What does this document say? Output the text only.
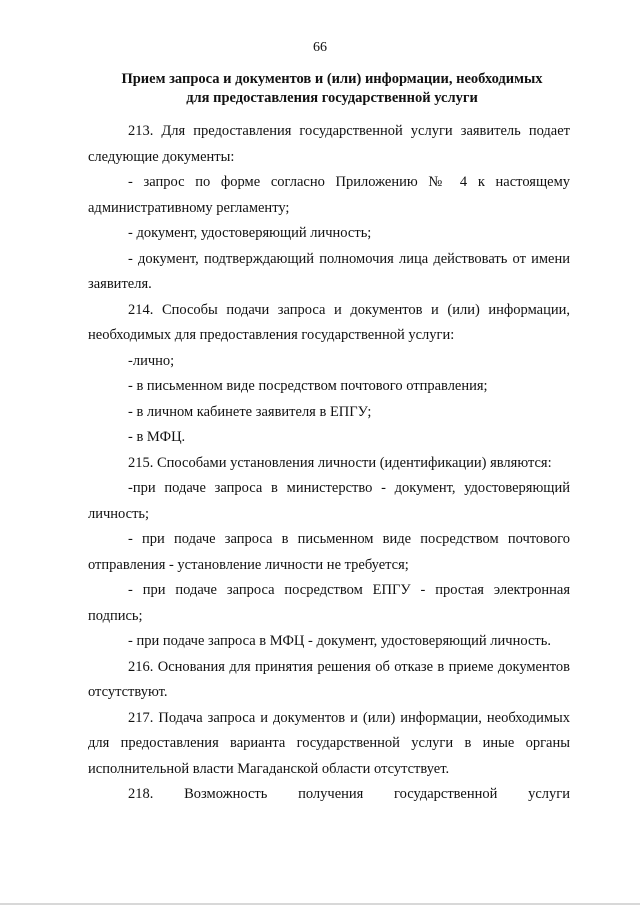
66
Прием запроса и документов и (или) информации, необходимых
для предоставления государственной услуги

213. Для предоставления государственной услуги заявитель подает следующие документы:

- запрос по форме согласно Приложению № 4 к настоящему административному регламенту;

- документ, удостоверяющий личность;

- документ, подтверждающий полномочия лица действовать от имени заявителя.

214. Способы подачи запроса и документов и (или) информации, необходимых для предоставления государственной услуги:

-лично;

- в письменном виде посредством почтового отправления;

- в личном кабинете заявителя в ЕПГУ;

- в МФЦ.

215. Способами установления личности (идентификации) являются:

-при подаче запроса в министерство - документ, удостоверяющий личность;

- при подаче запроса в письменном виде посредством почтового отправления - установление личности не требуется;

- при подаче запроса посредством ЕПГУ - простая электронная подпись;

- при подаче запроса в МФЦ - документ, удостоверяющий личность.

216. Основания для принятия решения об отказе в приеме документов отсутствуют.

217. Подача запроса и документов и (или) информации, необходимых для предоставления варианта государственной услуги в иные органы исполнительной власти Магаданской области отсутствует.

218. Возможность получения государственной услуги
